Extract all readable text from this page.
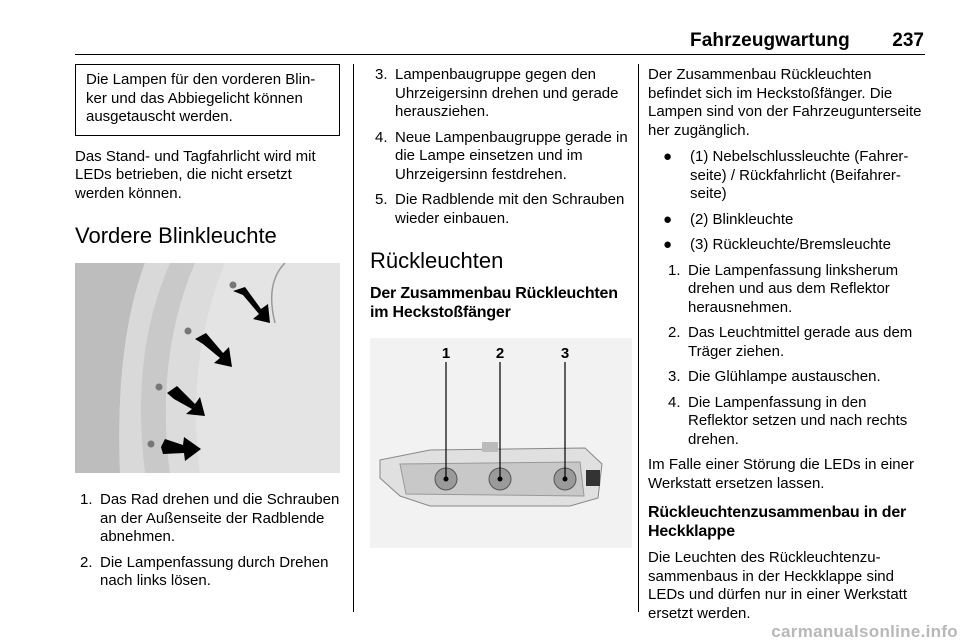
Fahrzeugwartung	237

Die Lampen für den vorderen Blinker und das Abbiegelicht können ausgetauscht werden.

Das Stand- und Tagfahrlicht wird mit LEDs betrieben, die nicht ersetzt werden können.

Vordere Blinkleuchte
1. Das Rad drehen und die Schrauben an der Außenseite der Radblende abnehmen.
2. Die Lampenfassung durch Drehen nach links lösen.
3. Lampenbaugruppe gegen den Uhrzeigersinn drehen und gerade herausziehen.
4. Neue Lampenbaugruppe gerade in die Lampe einsetzen und im Uhrzeigersinn festdrehen.
5. Die Radblende mit den Schrauben wieder einbauen.
Rückleuchten

Der Zusammenbau Rückleuchten im Heckstoßfänger

1	2	3

Der Zusammenbau Rückleuchten befindet sich im Heckstoßfänger. Die Lampen sind von der Fahrzeugunterseite her zugänglich.

● (1) Nebelschlussleuchte (Fahrerseite) / Rückfahrlicht (Beifahrerseite)
● (2) Blinkleuchte
● (3) Rückleuchte/Bremsleuchte
1. Die Lampenfassung linksherum drehen und aus dem Reflektor herausnehmen.
2. Das Leuchtmittel gerade aus dem Träger ziehen.
3. Die Glühlampe austauschen.
4. Die Lampenfassung in den Reflektor setzen und nach rechts drehen.

Im Falle einer Störung die LEDs in einer Werkstatt ersetzen lassen.

Rückleuchtenzusammenbau in der Heckklappe

Die Leuchten des Rückleuchtenzusammenbaus in der Heckklappe sind LEDs und dürfen nur in einer Werkstatt ersetzt werden.

carmanualsonline.info
